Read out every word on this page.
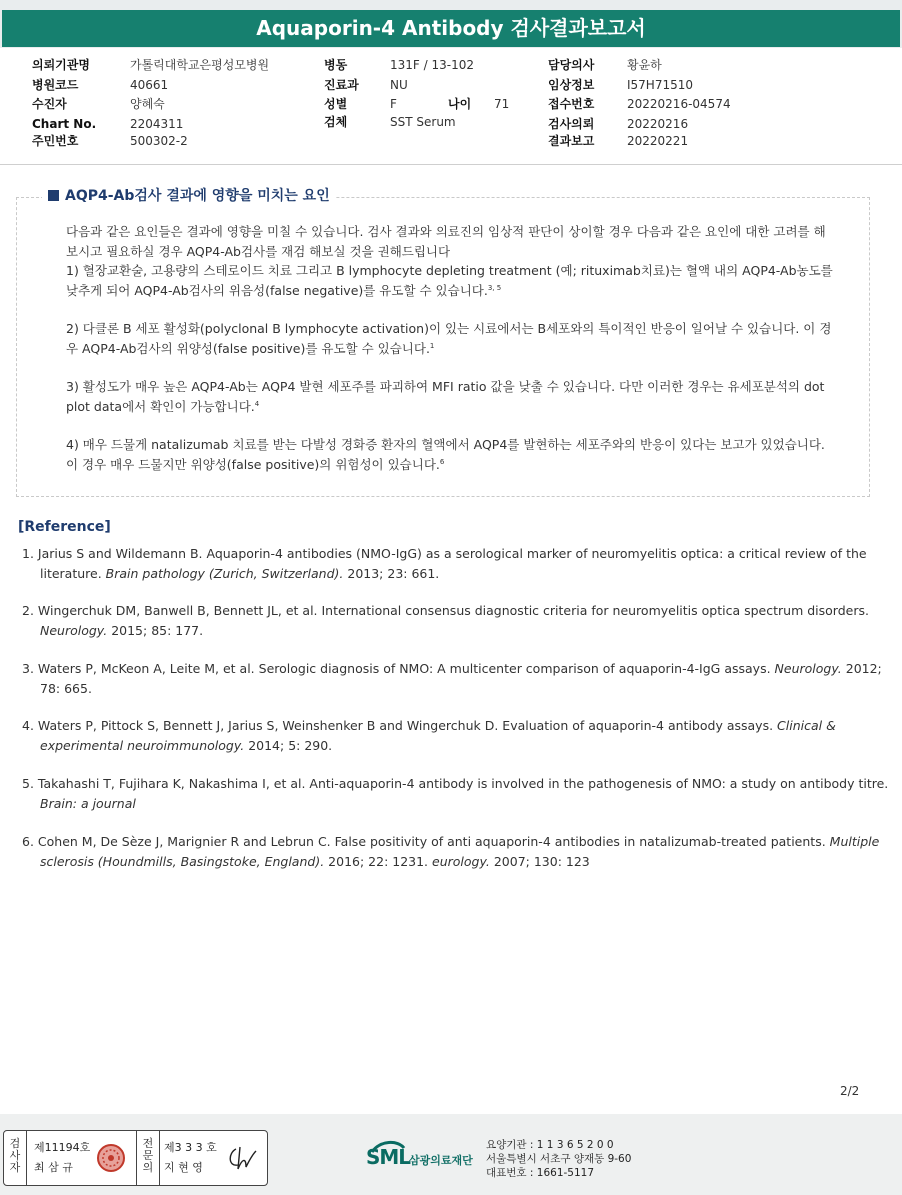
Aquaporin-4 Antibody 검사결과보고서
의뢰기관명	가톨릭대학교은평성모병원
병원코드	40661
수진자	양혜숙
Chart No.	2204311
주민번호	500302-2
병동	131F / 13-102
진료과	NU
성별	F	나이 71
검체	SST Serum
담당의사	황윤하
임상정보	I57H71510
접수번호	20220216-04574
검사의뢰	20220216
결과보고	20220221
AQP4-Ab검사 결과에 영향을 미치는 요인

다음과 같은 요인들은 결과에 영향을 미칠 수 있습니다. 검사 결과와 의료진의 임상적 판단이 상이할 경우 다음과 같은 요인에 대한 고려를 해 보시고 필요하실 경우 AQP4-Ab검사를 재검 해보실 것을 권해드립니다

1) 혈장교환술, 고용량의 스테로이드 치료 그리고 B lymphocyte depleting treatment (예; rituximab치료)는 혈액 내의 AQP4-Ab농도를 낮추게 되어 AQP4-Ab검사의 위음성(false negative)를 유도할 수 있습니다.$^{3, 5}$

2) 다클론 B 세포 활성화(polyclonal B lymphocyte activation)이 있는 시료에서는 B세포와의 특이적인 반응이 일어날 수 있습니다. 이 경우 AQP4-Ab검사의 위양성(false positive)를 유도할 수 있습니다.$^1$

3) 활성도가 매우 높은 AQP4-Ab는 AQP4 발현 세포주를 파괴하여 MFI ratio 값을 낮출 수 있습니다. 다만 이러한 경우는 유세포분석의 dot plot data에서 확인이 가능합니다.$^4$

4) 매우 드물게 natalizumab 치료를 받는 다발성 경화증 환자의 혈액에서 AQP4를 발현하는 세포주와의 반응이 있다는 보고가 있었습니다. 이 경우 매우 드물지만 위양성(false positive)의 위험성이 있습니다.$^6$

[Reference]
1. Jarius S and Wildemann B. Aquaporin-4 antibodies (NMO-IgG) as a serological marker of neuromyelitis optica: a critical review of the literature. Brain pathology (Zurich, Switzerland). 2013; 23: 661.
2. Wingerchuk DM, Banwell B, Bennett JL, et al. International consensus diagnostic criteria for neuromyelitis optica spectrum disorders. Neurology. 2015; 85: 177.
3. Waters P, McKeon A, Leite M, et al. Serologic diagnosis of NMO: A multicenter comparison of aquaporin-4-IgG assays. Neurology. 2012; 78: 665.
4. Waters P, Pittock S, Bennett J, Jarius S, Weinshenker B and Wingerchuk D. Evaluation of aquaporin-4 antibody assays. Clinical & experimental neuroimmunology. 2014; 5: 290.
5. Takahashi T, Fujihara K, Nakashima I, et al. Anti-aquaporin-4 antibody is involved in the pathogenesis of NMO: a study on antibody titre. Brain: a journal
6. Cohen M, De Sèze J, Marignier R and Lebrun C. False positivity of anti aquaporin-4 antibodies in natalizumab-treated patients. Multiple sclerosis (Houndmills, Basingstoke, England). 2016; 22: 1231. eurology. 2007; 130: 123
2/2
검사자
제11194호
최 삼 규
전문의
제3 3 3 호
지 현 영	SML
삼광의료재단
요양기관 : 1 1 3 6 5 2 0 0
서울특별시 서초구 양재동 9-60
대표번호 : 1661-5117
